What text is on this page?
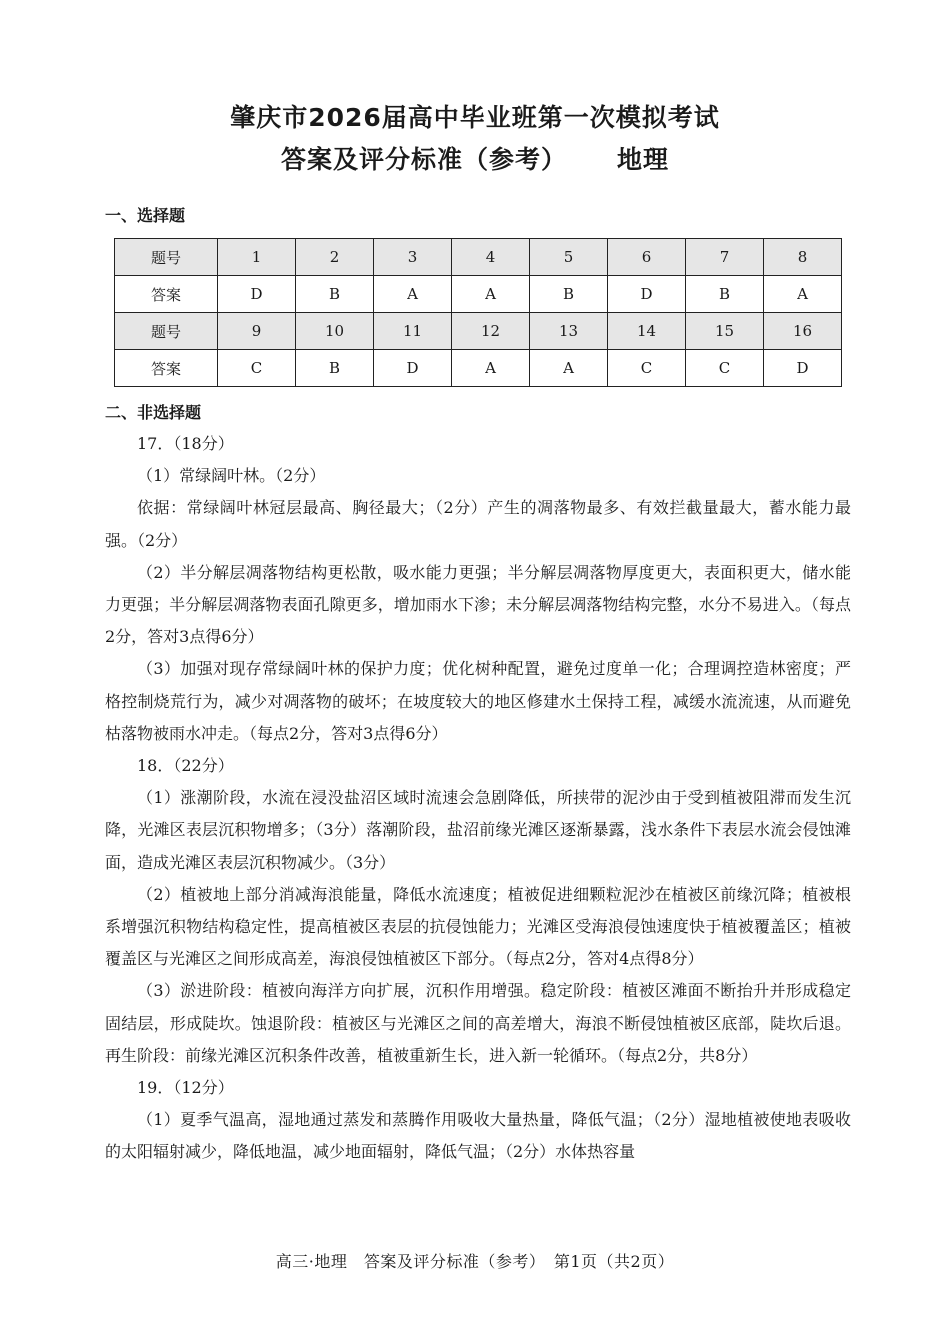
肇庆市2026届高中毕业班第一次模拟考试
答案及评分标准（参考） 地理
一、选择题
题号	1	2	3	4	5	6	7	8
答案	D	B	A	A	B	D	B	A
题号	9	10	11	12	13	14	15	16
答案	C	B	D	A	A	C	C	D
二、非选择题

17．（18分）

（1）常绿阔叶林。（2分）

依据：常绿阔叶林冠层最高、胸径最大；（2分）产生的凋落物最多、有效拦截量最大，蓄水能力最强。（2分）

（2）半分解层凋落物结构更松散，吸水能力更强；半分解层凋落物厚度更大，表面积更大，储水能力更强；半分解层凋落物表面孔隙更多，增加雨水下渗；未分解层凋落物结构完整，水分不易进入。（每点2分，答对3点得6分）

（3）加强对现存常绿阔叶林的保护力度；优化树种配置，避免过度单一化；合理调控造林密度；严格控制烧荒行为，减少对凋落物的破坏；在坡度较大的地区修建水土保持工程，减缓水流流速，从而避免枯落物被雨水冲走。（每点2分，答对3点得6分）

18．（22分）

（1）涨潮阶段，水流在浸没盐沼区域时流速会急剧降低，所挟带的泥沙由于受到植被阻滞而发生沉降，光滩区表层沉积物增多；（3分）落潮阶段，盐沼前缘光滩区逐渐暴露，浅水条件下表层水流会侵蚀滩面，造成光滩区表层沉积物减少。（3分）

（2）植被地上部分消减海浪能量，降低水流速度；植被促进细颗粒泥沙在植被区前缘沉降；植被根系增强沉积物结构稳定性，提高植被区表层的抗侵蚀能力；光滩区受海浪侵蚀速度快于植被覆盖区；植被覆盖区与光滩区之间形成高差，海浪侵蚀植被区下部分。（每点2分，答对4点得8分）

（3）淤进阶段：植被向海洋方向扩展，沉积作用增强。稳定阶段：植被区滩面不断抬升并形成稳定固结层，形成陡坎。蚀退阶段：植被区与光滩区之间的高差增大，海浪不断侵蚀植被区底部，陡坎后退。再生阶段：前缘光滩区沉积条件改善，植被重新生长，进入新一轮循环。（每点2分，共8分）

19．（12分）

（1）夏季气温高，湿地通过蒸发和蒸腾作用吸收大量热量，降低气温；（2分）湿地植被使地表吸收的太阳辐射减少，降低地温，减少地面辐射，降低气温；（2分）水体热容量

高三·地理　答案及评分标准（参考）　第1页（共2页）
